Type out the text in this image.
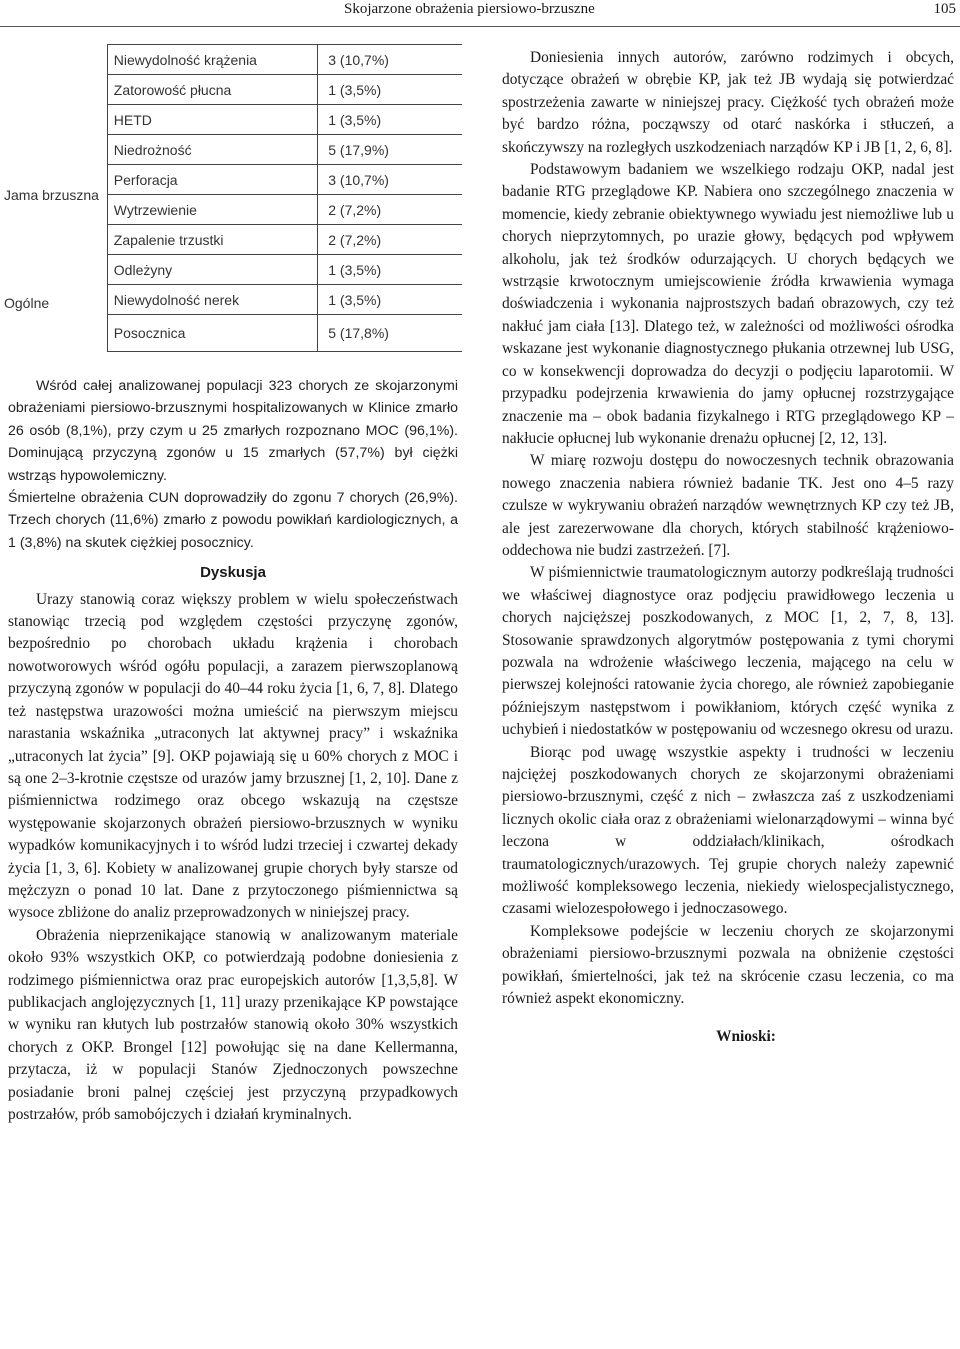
Skojarzone obrażenia piersiowo-brzuszne	105
	Niewydolność krążenia	3 (10,7%)
	Zatorowość płucna	1 (3,5%)
	HETD	1 (3,5%)
Jama brzuszna	Niedrożność	5 (17,9%)
	Perforacja	3 (10,7%)
	Wytrzewienie	2 (7,2%)
	Zapalenie trzustki	2 (7,2%)
Ogólne	Odleżyny	1 (3,5%)
	Niewydolność nerek	1 (3,5%)
	Posocznica	5 (17,8%)

Wśród całej analizowanej populacji 323 chorych ze skojarzonymi obrażeniami piersiowo-brzusznymi hospitalizowanych w Klinice zmarło 26 osób (8,1%), przy czym u 25 zmarłych rozpoznano MOC (96,1%). Dominującą przyczyną zgonów u 15 zmarłych (57,7%) był ciężki wstrząs hypowolemiczny.

Śmiertelne obrażenia CUN doprowadziły do zgonu 7 chorych (26,9%). Trzech chorych (11,6%) zmarło z powodu powikłań kardiologicznych, a 1 (3,8%) na skutek ciężkiej posocznicy.

Dyskusja

Urazy stanowią coraz większy problem w wielu społeczeństwach stanowiąc trzecią pod względem częstości przyczynę zgonów, bezpośrednio po chorobach układu krążenia i chorobach nowotworowych wśród ogółu populacji, a zarazem pierwszoplanową przyczyną zgonów w populacji do 40–44 roku życia [1, 6, 7, 8]. Dlatego też następstwa urazowości można umieścić na pierwszym miejscu narastania wskaźnika „utraconych lat aktywnej pracy” i wskaźnika „utraconych lat życia” [9]. OKP pojawiają się u 60% chorych z MOC i są one 2–3-krotnie częstsze od urazów jamy brzusznej [1, 2, 10]. Dane z piśmiennictwa rodzimego oraz obcego wskazują na częstsze występowanie skojarzonych obrażeń piersiowo-brzusznych w wyniku wypadków komunikacyjnych i to wśród ludzi trzeciej i czwartej dekady życia [1, 3, 6]. Kobiety w analizowanej grupie chorych były starsze od mężczyzn o ponad 10 lat. Dane z przytoczonego piśmiennictwa są wysoce zbliżone do analiz przeprowadzonych w niniejszej pracy.

Obrażenia nieprzenikające stanowią w analizowanym materiale około 93% wszystkich OKP, co potwierdzają podobne doniesienia z rodzimego piśmiennictwa oraz prac europejskich autorów [1,3,5,8]. W publikacjach anglojęzycznych [1, 11] urazy przenikające KP powstające w wyniku ran kłutych lub postrzałów stanowią około 30% wszystkich chorych z OKP. Brongel [12] powołując się na dane Kellermanna, przytacza, iż w populacji Stanów Zjednoczonych powszechne posiadanie broni palnej częściej jest przyczyną przypadkowych postrzałów, prób samobójczych i działań kryminalnych.

Doniesienia innych autorów, zarówno rodzimych i obcych, dotyczące obrażeń w obrębie KP, jak też JB wydają się potwierdzać spostrzeżenia zawarte w niniejszej pracy. Ciężkość tych obrażeń może być bardzo różna, począwszy od otarć naskórka i stłuczeń, a skończywszy na rozległych uszkodzeniach narządów KP i JB [1, 2, 6, 8].

Podstawowym badaniem we wszelkiego rodzaju OKP, nadal jest badanie RTG przeglądowe KP. Nabiera ono szczególnego znaczenia w momencie, kiedy zebranie obiektywnego wywiadu jest niemożliwe lub u chorych nieprzytomnych, po urazie głowy, będących pod wpływem alkoholu, jak też środków odurzających. U chorych będących we wstrząsie krwotocznym umiejscowienie źródła krwawienia wymaga doświadczenia i wykonania najprostszych badań obrazowych, czy też nakłuć jam ciała [13]. Dlatego też, w zależności od możliwości ośrodka wskazane jest wykonanie diagnostycznego płukania otrzewnej lub USG, co w konsekwencji doprowadza do decyzji o podjęciu laparotomii. W przypadku podejrzenia krwawienia do jamy opłucnej rozstrzygające znaczenie ma – obok badania fizykalnego i RTG przeglądowego KP – nakłucie opłucnej lub wykonanie drenażu opłucnej [2, 12, 13].

W miarę rozwoju dostępu do nowoczesnych technik obrazowania nowego znaczenia nabiera również badanie TK. Jest ono 4–5 razy czulsze w wykrywaniu obrażeń narządów wewnętrznych KP czy też JB, ale jest zarezerwowane dla chorych, których stabilność krążeniowo-oddechowa nie budzi zastrzeżeń. [7].

W piśmiennictwie traumatologicznym autorzy podkreślają trudności we właściwej diagnostyce oraz podjęciu prawidłowego leczenia u chorych najcięższej poszkodowanych, z MOC [1, 2, 7, 8, 13]. Stosowanie sprawdzonych algorytmów postępowania z tymi chorymi pozwala na wdrożenie właściwego leczenia, mającego na celu w pierwszej kolejności ratowanie życia chorego, ale również zapobieganie późniejszym następstwom i powikłaniom, których część wynika z uchybień i niedostatków w postępowaniu od wczesnego okresu od urazu.

Biorąc pod uwagę wszystkie aspekty i trudności w leczeniu najciężej poszkodowanych chorych ze skojarzonymi obrażeniami piersiowo-brzusznymi, część z nich – zwłaszcza zaś z uszkodzeniami licznych okolic ciała oraz z obrażeniami wielonarządowymi – winna być leczona w oddziałach/klinikach, ośrodkach traumatologicznych/urazowych. Tej grupie chorych należy zapewnić możliwość kompleksowego leczenia, niekiedy wielospecjalistycznego, czasami wielozespołowego i jednoczasowego.

Kompleksowe podejście w leczeniu chorych ze skojarzonymi obrażeniami piersiowo-brzusznymi pozwala na obniżenie częstości powikłań, śmiertelności, jak też na skrócenie czasu leczenia, co ma również aspekt ekonomiczny.

Wnioski:
